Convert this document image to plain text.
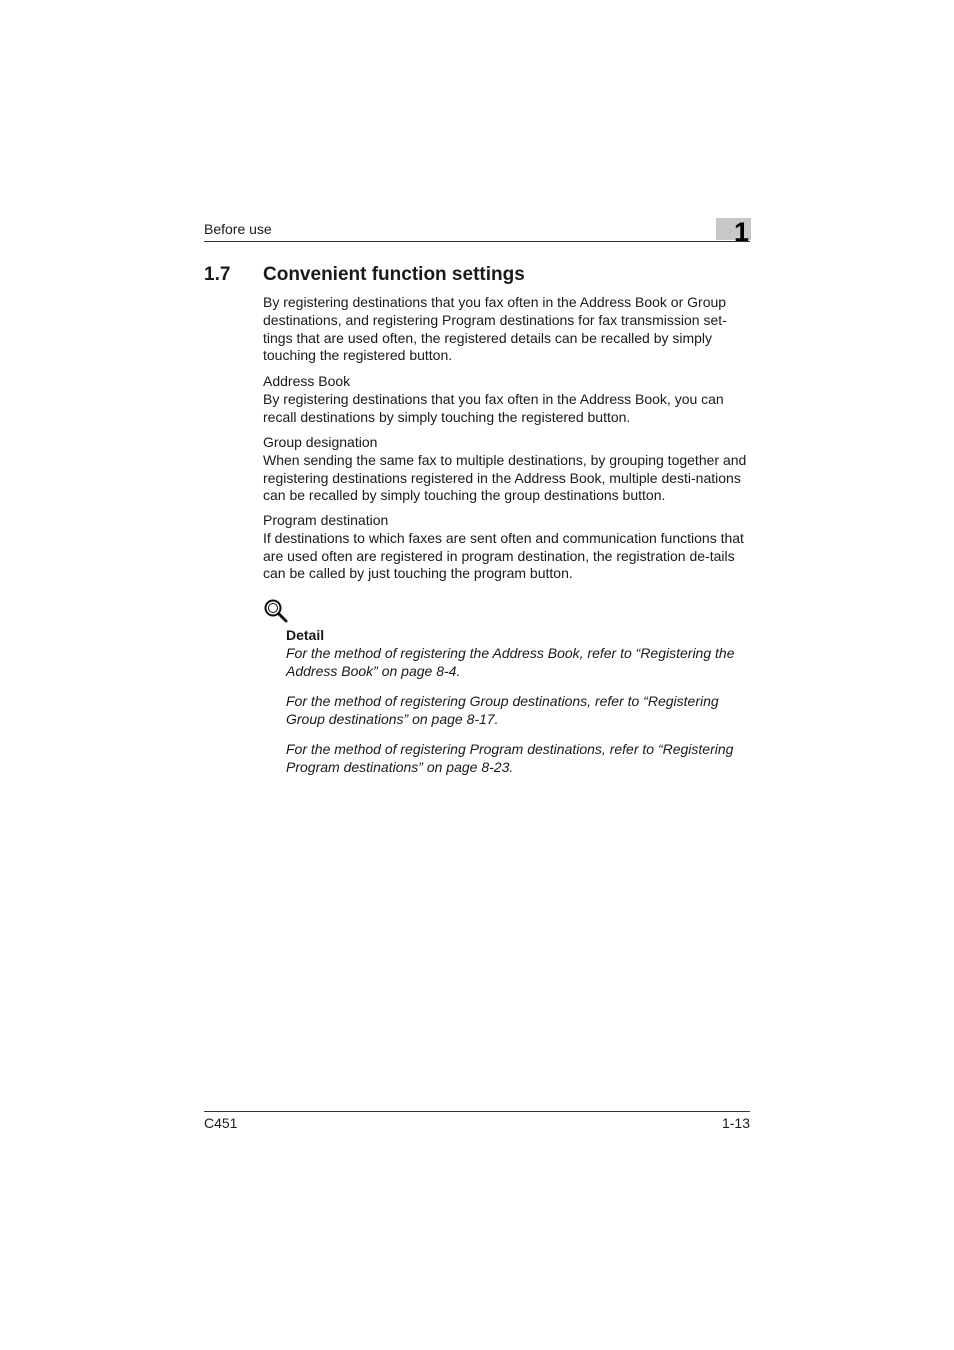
Before use	1
1.7 Convenient function settings

By registering destinations that you fax often in the Address Book or Group destinations, and registering Program destinations for fax transmission set-tings that are used often, the registered details can be recalled by simply touching the registered button.

Address Book

By registering destinations that you fax often in the Address Book, you can recall destinations by simply touching the registered button.

Group designation

When sending the same fax to multiple destinations, by grouping together and registering destinations registered in the Address Book, multiple desti-nations can be recalled by simply touching the group destinations button.

Program destination

If destinations to which faxes are sent often and communication functions that are used often are registered in program destination, the registration de-tails can be called by just touching the program button.

Detail
For the method of registering the Address Book, refer to “Registering the Address Book” on page 8-4.
For the method of registering Group destinations, refer to “Registering Group destinations” on page 8-17.
For the method of registering Program destinations, refer to “Registering Program destinations” on page 8-23.
C451	1-13
